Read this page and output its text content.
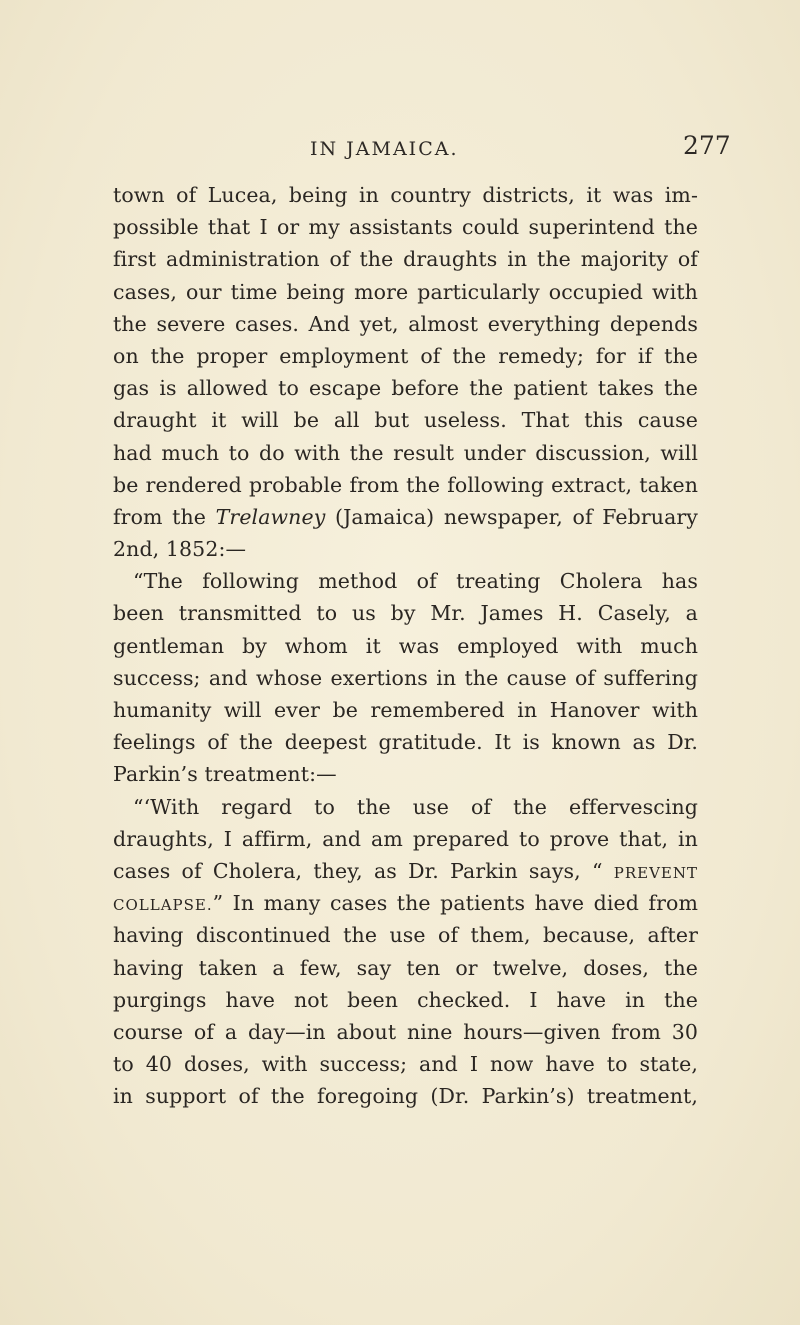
IN JAMAICA.	277
town of Lucea, being in country districts, it was im-
possible that I or my assistants could superintend the
first administration of the draughts in the majority of
cases, our time being more particularly occupied with
the severe cases. And yet, almost everything depends
on the proper employment of the remedy; for if the
gas is allowed to escape before the patient takes the
draught it will be all but useless. That this cause
had much to do with the result under discussion, will
be rendered probable from the following extract, taken
from the Trelawney (Jamaica) newspaper, of February
2nd, 1852:—
“The following method of treating Cholera has
been transmitted to us by Mr. James H. Casely, a
gentleman by whom it was employed with much
success; and whose exertions in the cause of suffering
humanity will ever be remembered in Hanover with
feelings of the deepest gratitude. It is known as Dr.
Parkin’s treatment:—
“‘With regard to the use of the effervescing
draughts, I affirm, and am prepared to prove that, in
cases of Cholera, they, as Dr. Parkin says, “ PREVENT
COLLAPSE.” In many cases the patients have died from
having discontinued the use of them, because, after
having taken a few, say ten or twelve, doses, the
purgings have not been checked. I have in the
course of a day—in about nine hours—given from 30
to 40 doses, with success; and I now have to state,
in support of the foregoing (Dr. Parkin’s) treatment,
